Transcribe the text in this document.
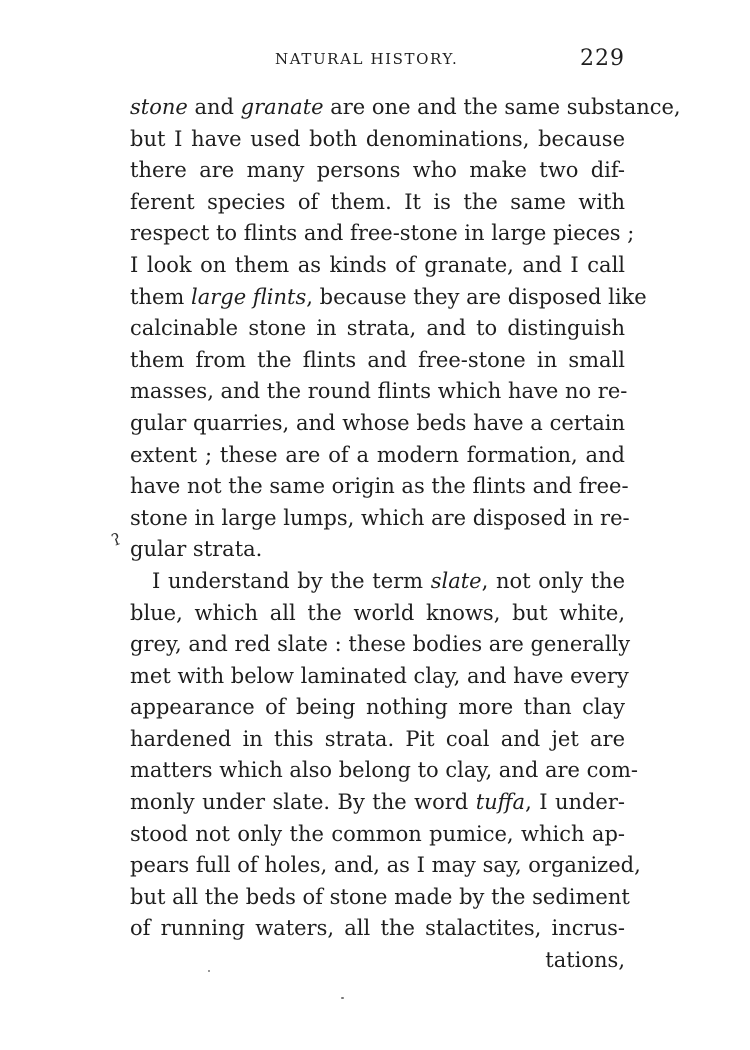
NATURAL HISTORY.	229
stone and granate are one and the same substance,
but I have used both denominations, because
there are many persons who make two dif-
ferent species of them. It is the same with
respect to flints and free-stone in large pieces ;
I look on them as kinds of granate, and I call
them large flints, because they are disposed like
calcinable stone in strata, and to distinguish
them from the flints and free-stone in small
masses, and the round flints which have no re-
gular quarries, and whose beds have a certain
extent ; these are of a modern formation, and
have not the same origin as the flints and free-
stone in large lumps, which are disposed in re-
gular strata.
I understand by the term slate, not only the
blue, which all the world knows, but white,
grey, and red slate : these bodies are generally
met with below laminated clay, and have every
appearance of being nothing more than clay
hardened in this strata. Pit coal and jet are
matters which also belong to clay, and are com-
monly under slate. By the word tuffa, I under-
stood not only the common pumice, which ap-
pears full of holes, and, as I may say, organized,
but all the beds of stone made by the sediment
of running waters, all the stalactites, incrus-
tations,
ʔ
